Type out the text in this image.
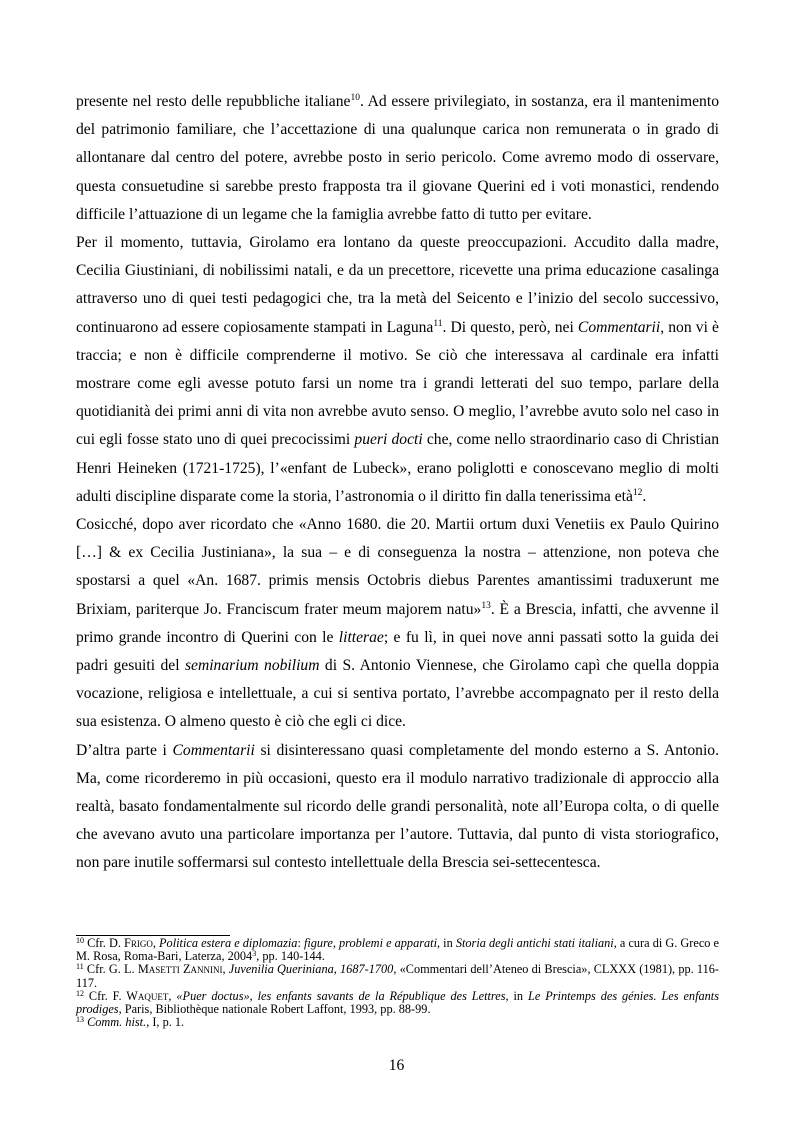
presente nel resto delle repubbliche italiane$^{10}$. Ad essere privilegiato, in sostanza, era il mantenimento del patrimonio familiare, che l’accettazione di una qualunque carica non remunerata o in grado di allontanare dal centro del potere, avrebbe posto in serio pericolo. Come avremo modo di osservare, questa consuetudine si sarebbe presto frapposta tra il giovane Querini ed i voti monastici, rendendo difficile l’attuazione di un legame che la famiglia avrebbe fatto di tutto per evitare.

Per il momento, tuttavia, Girolamo era lontano da queste preoccupazioni. Accudito dalla madre, Cecilia Giustiniani, di nobilissimi natali, e da un precettore, ricevette una prima educazione casalinga attraverso uno di quei testi pedagogici che, tra la metà del Seicento e l’inizio del secolo successivo, continuarono ad essere copiosamente stampati in Laguna$^{11}$. Di questo, però, nei Commentarii, non vi è traccia; e non è difficile comprenderne il motivo. Se ciò che interessava al cardinale era infatti mostrare come egli avesse potuto farsi un nome tra i grandi letterati del suo tempo, parlare della quotidianità dei primi anni di vita non avrebbe avuto senso. O meglio, l’avrebbe avuto solo nel caso in cui egli fosse stato uno di quei precocissimi pueri docti che, come nello straordinario caso di Christian Henri Heineken (1721-1725), l’«enfant de Lubeck», erano poliglotti e conoscevano meglio di molti adulti discipline disparate come la storia, l’astronomia o il diritto fin dalla tenerissima età$^{12}$.

Cosicché, dopo aver ricordato che «Anno 1680. die 20. Martii ortum duxi Venetiis ex Paulo Quirino […] & ex Cecilia Justiniana», la sua – e di conseguenza la nostra – attenzione, non poteva che spostarsi a quel «An. 1687. primis mensis Octobris diebus Parentes amantissimi traduxerunt me Brixiam, pariterque Jo. Franciscum frater meum majorem natu»$^{13}$. È a Brescia, infatti, che avvenne il primo grande incontro di Querini con le litterae; e fu lì, in quei nove anni passati sotto la guida dei padri gesuiti del seminarium nobilium di S. Antonio Viennese, che Girolamo capì che quella doppia vocazione, religiosa e intellettuale, a cui si sentiva portato, l’avrebbe accompagnato per il resto della sua esistenza. O almeno questo è ciò che egli ci dice.

D’altra parte i Commentarii si disinteressano quasi completamente del mondo esterno a S. Antonio. Ma, come ricorderemo in più occasioni, questo era il modulo narrativo tradizionale di approccio alla realtà, basato fondamentalmente sul ricordo delle grandi personalità, note all’Europa colta, o di quelle che avevano avuto una particolare importanza per l’autore. Tuttavia, dal punto di vista storiografico, non pare inutile soffermarsi sul contesto intellettuale della Brescia sei-settecentesca.

$^{10}$ Cfr. D. Frigo, Politica estera e diplomazia: figure, problemi e apparati, in Storia degli antichi stati italiani, a cura di G. Greco e M. Rosa, Roma-Bari, Laterza, 2004$^3$, pp. 140-144.

$^{11}$ Cfr. G. L. Masetti Zannini, Juvenilia Queriniana, 1687-1700, «Commentari dell’Ateneo di Brescia», CLXXX (1981), pp. 116-117.

$^{12}$ Cfr. F. Waquet, «Puer doctus», les enfants savants de la République des Lettres, in Le Printemps des génies. Les enfants prodiges, Paris, Bibliothèque nationale Robert Laffont, 1993, pp. 88-99.

$^{13}$ Comm. hist., I, p. 1.

16
